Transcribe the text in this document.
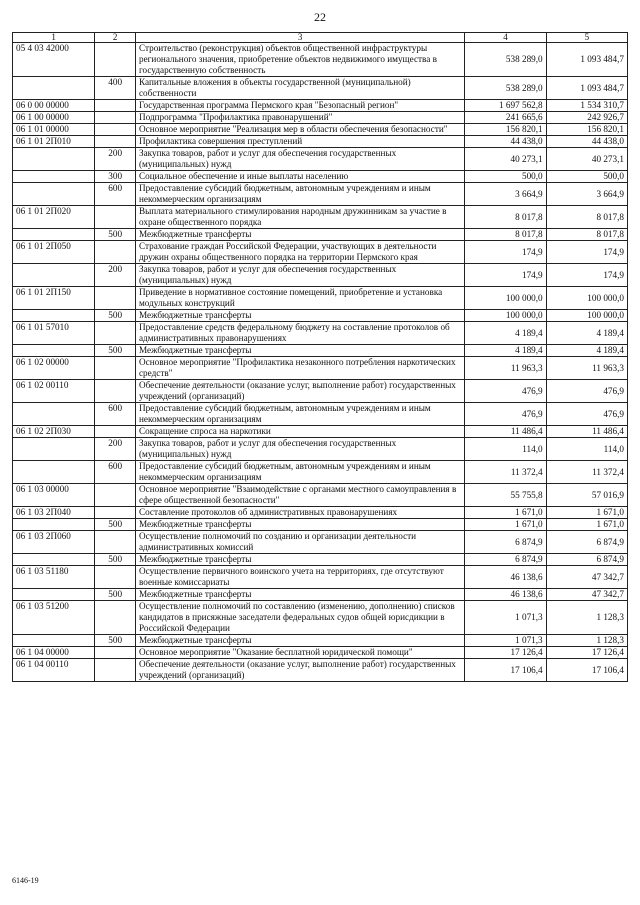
22
1	2	3	4	5
05 4 03 42000		Строительство (реконструкция) объектов общественной инфраструктуры регионального значения, приобретение объектов недвижимого имущества в государственную собственность	538 289,0	1 093 484,7
	400	Капитальные вложения в объекты государственной (муниципальной) собственности	538 289,0	1 093 484,7
06 0 00 00000		Государственная программа Пермского края "Безопасный регион"	1 697 562,8	1 534 310,7
06 1 00 00000		Подпрограмма "Профилактика правонарушений"	241 665,6	242 926,7
06 1 01 00000		Основное мероприятие "Реализация мер в области обеспечения безопасности"	156 820,1	156 820,1
06 1 01 2П010		Профилактика совершения преступлений	44 438,0	44 438,0
	200	Закупка товаров, работ и услуг для обеспечения государственных (муниципальных) нужд	40 273,1	40 273,1
	300	Социальное обеспечение и иные выплаты населению	500,0	500,0
	600	Предоставление субсидий бюджетным, автономным учреждениям и иным некоммерческим организациям	3 664,9	3 664,9
06 1 01 2П020		Выплата материального стимулирования народным дружинникам за участие в охране общественного порядка	8 017,8	8 017,8
	500	Межбюджетные трансферты	8 017,8	8 017,8
06 1 01 2П050		Страхование граждан Российской Федерации, участвующих в деятельности дружин охраны общественного порядка на территории Пермского края	174,9	174,9
	200	Закупка товаров, работ и услуг для обеспечения государственных (муниципальных) нужд	174,9	174,9
06 1 01 2П150		Приведение в нормативное состояние помещений, приобретение и установка модульных конструкций	100 000,0	100 000,0
	500	Межбюджетные трансферты	100 000,0	100 000,0
06 1 01 57010		Предоставление средств федеральному бюджету на составление протоколов об административных правонарушениях	4 189,4	4 189,4
	500	Межбюджетные трансферты	4 189,4	4 189,4
06 1 02 00000		Основное мероприятие "Профилактика незаконного потребления наркотических средств"	11 963,3	11 963,3
06 1 02 00110		Обеспечение деятельности (оказание услуг, выполнение работ) государственных учреждений (организаций)	476,9	476,9
	600	Предоставление субсидий бюджетным, автономным учреждениям и иным некоммерческим организациям	476,9	476,9
06 1 02 2П030		Сокращение спроса на наркотики	11 486,4	11 486,4
	200	Закупка товаров, работ и услуг для обеспечения государственных (муниципальных) нужд	114,0	114,0
	600	Предоставление субсидий бюджетным, автономным учреждениям и иным некоммерческим организациям	11 372,4	11 372,4
06 1 03 00000		Основное мероприятие "Взаимодействие с органами местного самоуправления в сфере общественной безопасности"	55 755,8	57 016,9
06 1 03 2П040		Составление протоколов об административных правонарушениях	1 671,0	1 671,0
	500	Межбюджетные трансферты	1 671,0	1 671,0
06 1 03 2П060		Осуществление полномочий по созданию и организации деятельности административных комиссий	6 874,9	6 874,9
	500	Межбюджетные трансферты	6 874,9	6 874,9
06 1 03 51180		Осуществление первичного воинского учета на территориях, где отсутствуют военные комиссариаты	46 138,6	47 342,7
	500	Межбюджетные трансферты	46 138,6	47 342,7
06 1 03 51200		Осуществление полномочий по составлению (изменению, дополнению) списков кандидатов в присяжные заседатели федеральных судов общей юрисдикции в Российской Федерации	1 071,3	1 128,3
	500	Межбюджетные трансферты	1 071,3	1 128,3
06 1 04 00000		Основное мероприятие "Оказание бесплатной юридической помощи"	17 126,4	17 126,4
06 1 04 00110		Обеспечение деятельности (оказание услуг, выполнение работ) государственных учреждений (организаций)	17 106,4	17 106,4
6146-19
